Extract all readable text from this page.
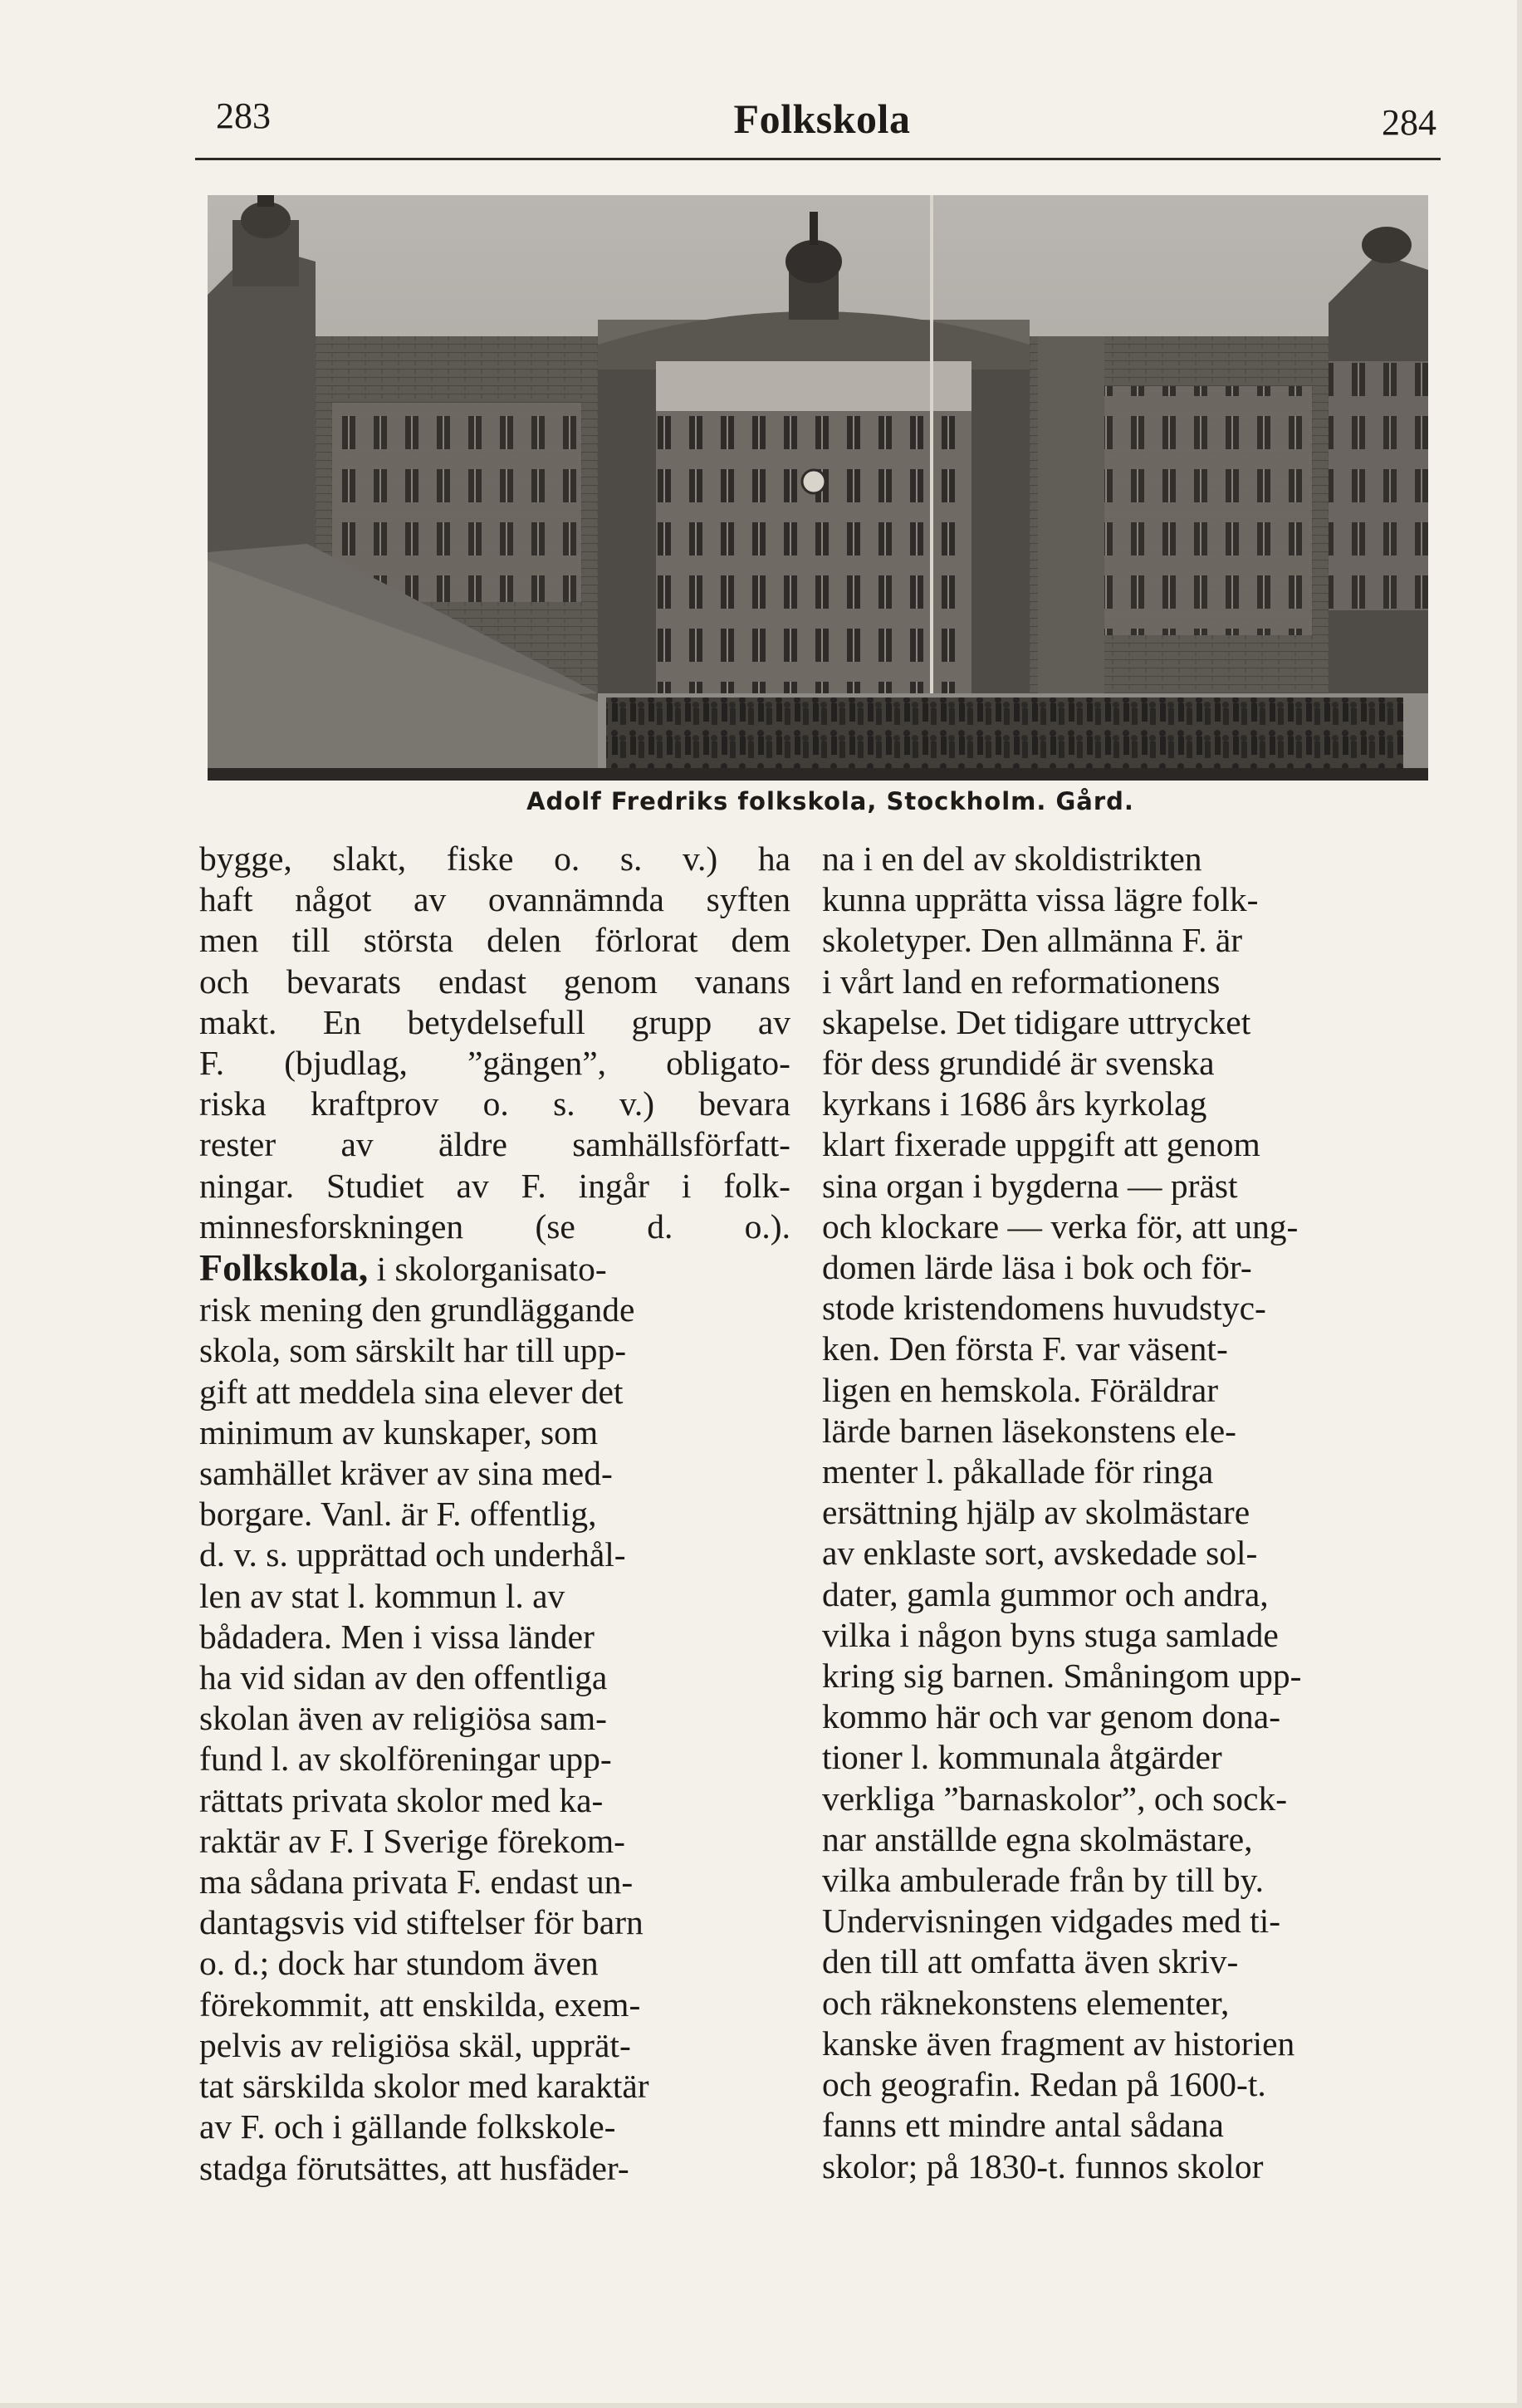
283	Folkskola	284
Adolf Fredriks folkskola, Stockholm. Gård.

bygge, slakt, fiske o. s. v.) ha
haft något av ovannämnda syften
men till största delen förlorat dem
och bevarats endast genom vanans
makt. En betydelsefull grupp av
F. (bjudlag, ”gängen”, obligato-
riska kraftprov o. s. v.) bevara
rester av äldre samhällsförfatt-
ningar. Studiet av F. ingår i folk-
minnesforskningen (se d. o.).

Folkskola, i skolorganisato-
risk mening den grundläggande
skola, som särskilt har till upp-
gift att meddela sina elever det
minimum av kunskaper, som
samhället kräver av sina med-
borgare. Vanl. är F. offentlig,
d. v. s. upprättad och underhål-
len av stat l. kommun l. av
bådadera. Men i vissa länder
ha vid sidan av den offentliga
skolan även av religiösa sam-
fund l. av skolföreningar upp-
rättats privata skolor med ka-
raktär av F. I Sverige förekom-
ma sådana privata F. endast un-
dantagsvis vid stiftelser för barn
o. d.; dock har stundom även
förekommit, att enskilda, exem-
pelvis av religiösa skäl, upprät-
tat särskilda skolor med karaktär
av F. och i gällande folkskole-
stadga förutsättes, att husfäder-

na i en del av skoldistrikten
kunna upprätta vissa lägre folk-
skoletyper. Den allmänna F. är
i vårt land en reformationens
skapelse. Det tidigare uttrycket
för dess grundidé är svenska
kyrkans i 1686 års kyrkolag
klart fixerade uppgift att genom
sina organ i bygderna — präst
och klockare — verka för, att ung-
domen lärde läsa i bok och för-
stode kristendomens huvudstyc-
ken. Den första F. var väsent-
ligen en hemskola. Föräldrar
lärde barnen läsekonstens ele-
menter l. påkallade för ringa
ersättning hjälp av skolmästare
av enklaste sort, avskedade sol-
dater, gamla gummor och andra,
vilka i någon byns stuga samlade
kring sig barnen. Småningom upp-
kommo här och var genom dona-
tioner l. kommunala åtgärder
verkliga ”barnaskolor”, och sock-
nar anställde egna skolmästare,
vilka ambulerade från by till by.
Undervisningen vidgades med ti-
den till att omfatta även skriv-
och räknekonstens elementer,
kanske även fragment av historien
och geografin. Redan på 1600-t.
fanns ett mindre antal sådana
skolor; på 1830-t. funnos skolor
